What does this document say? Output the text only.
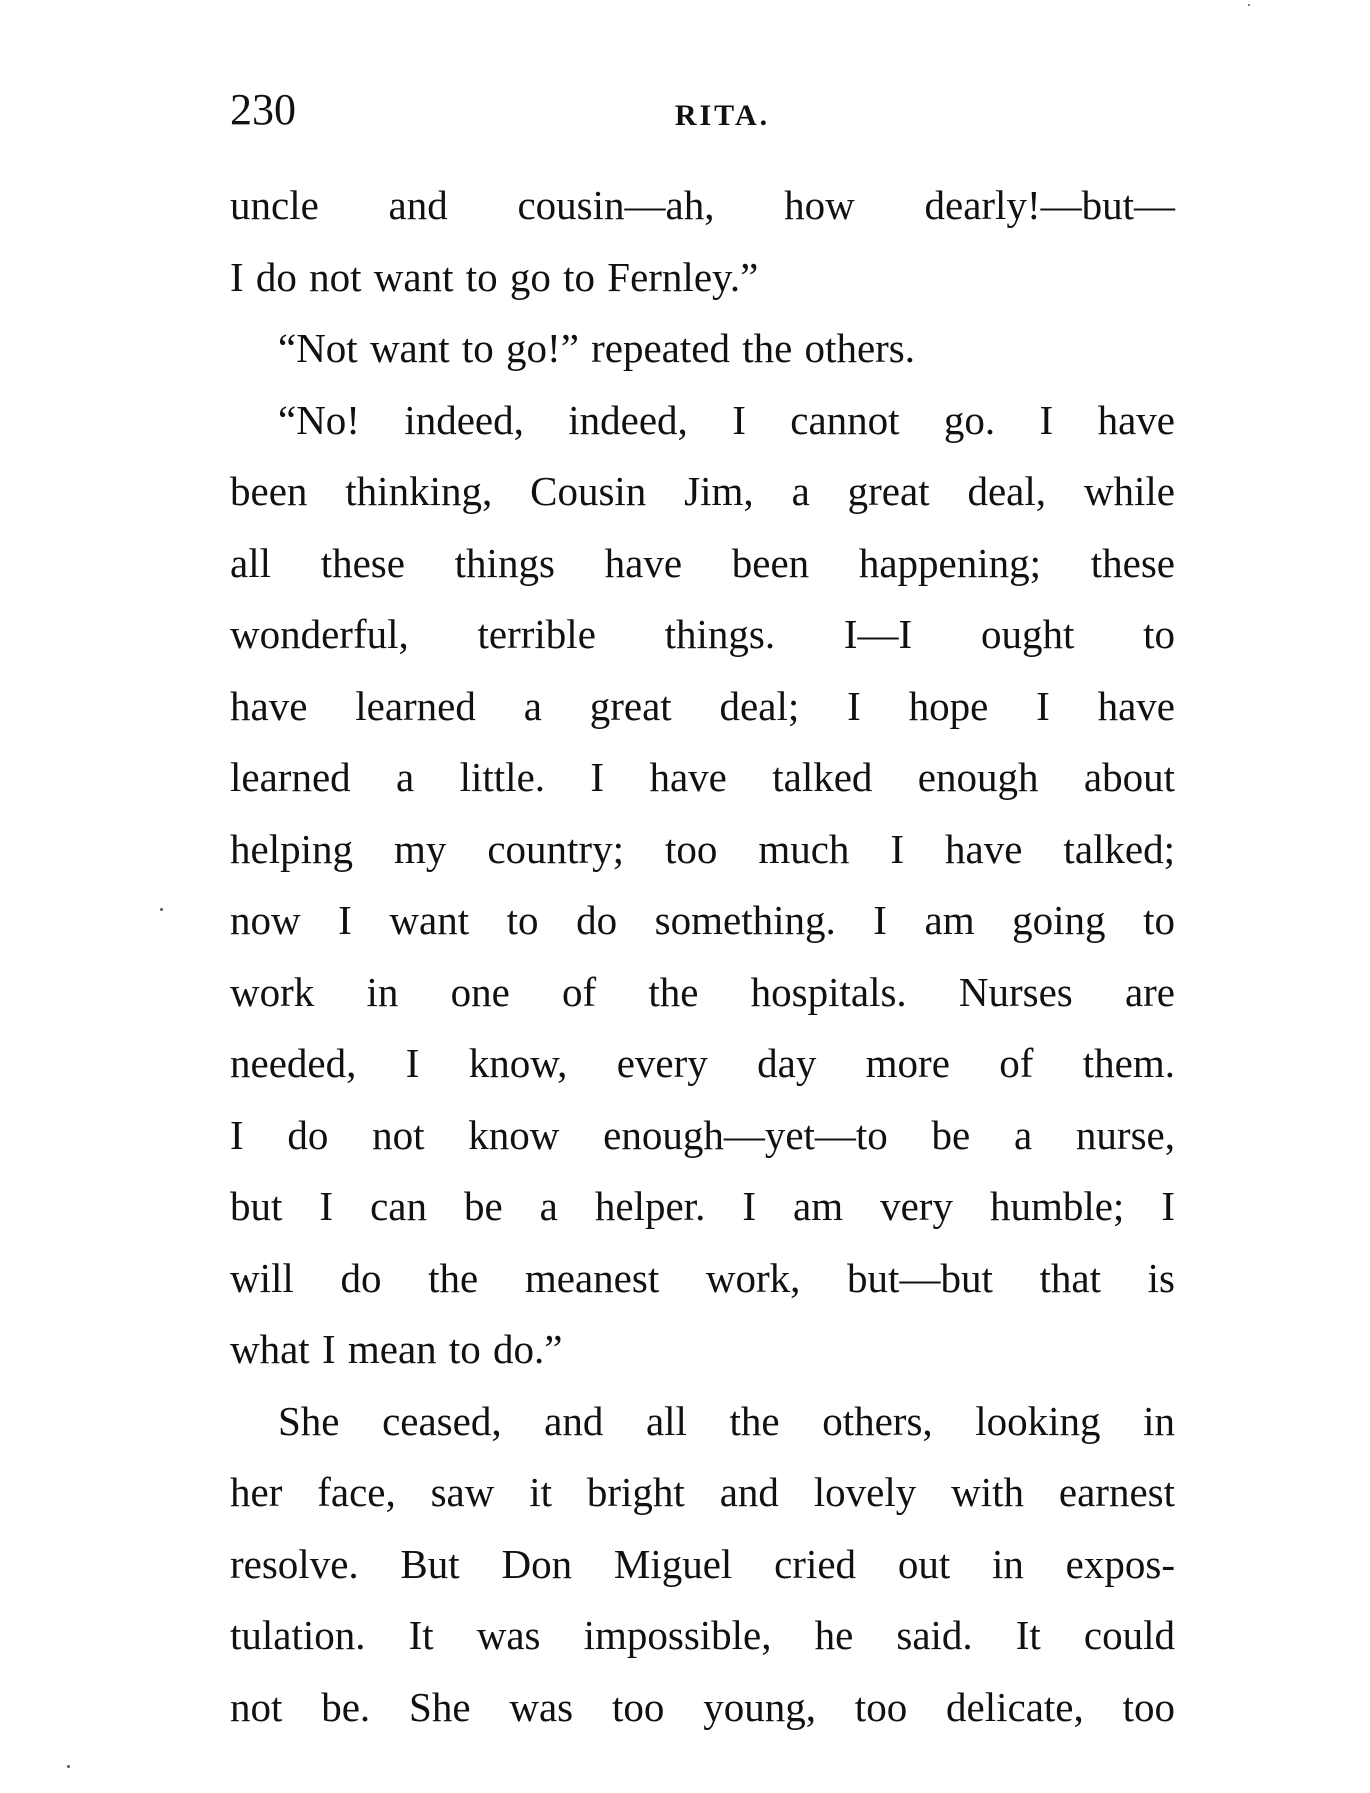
230	RITA.
uncle and cousin—ah, how dearly!—but—
I do not want to go to Fernley.”
“Not want to go!” repeated the others.
“No! indeed, indeed, I cannot go. I have
been thinking, Cousin Jim, a great deal, while
all these things have been happening; these
wonderful, terrible things. I—I ought to
have learned a great deal; I hope I have
learned a little. I have talked enough about
helping my country; too much I have talked;
now I want to do something. I am going to
work in one of the hospitals. Nurses are
needed, I know, every day more of them.
I do not know enough—yet—to be a nurse,
but I can be a helper. I am very humble; I
will do the meanest work, but—but that is
what I mean to do.”
She ceased, and all the others, looking in
her face, saw it bright and lovely with earnest
resolve. But Don Miguel cried out in expos-
tulation. It was impossible, he said. It could
not be. She was too young, too delicate, too
